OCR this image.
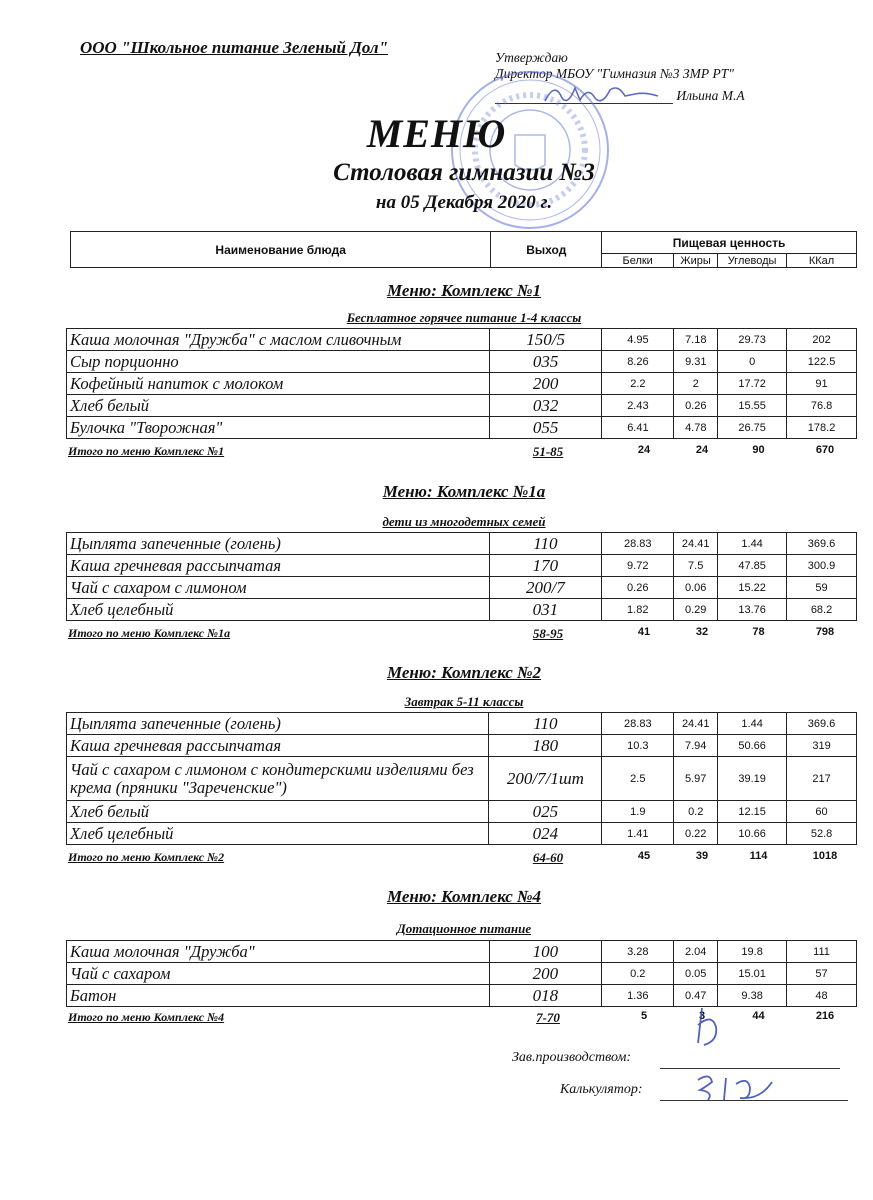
ООО "Школьное питание Зеленый Дол"
Утверждаю
Директор МБОУ "Гимназия №3 ЗМР РТ"
Ильина М.А
МЕНЮ
Столовая гимназии №3
на 05 Декабря 2020 г.
Наименование блюда	Выход	Пищевая ценность			
		Белки	Жиры	Углеводы	ККал
Меню: Комплекс №1
Бесплатное горячее питание 1-4 классы
Каша молочная "Дружба" с маслом сливочным	150/5	4.95	7.18	29.73	202
Сыр порционно	035	8.26	9.31	0	122.5
Кофейный напиток с молоком	200	2.2	2	17.72	91
Хлеб белый	032	2.43	0.26	15.55	76.8
Булочка "Творожная"	055	6.41	4.78	26.75	178.2
Итого по меню Комплекс №1	51-85	24	24	90	670
Меню: Комплекс №1а
дети из многодетных семей
Цыплята запеченные (голень)	110	28.83	24.41	1.44	369.6
Каша гречневая рассыпчатая	170	9.72	7.5	47.85	300.9
Чай с сахаром с лимоном	200/7	0.26	0.06	15.22	59
Хлеб целебный	031	1.82	0.29	13.76	68.2
Итого по меню Комплекс №1а	58-95	41	32	78	798
Меню: Комплекс №2
Завтрак 5-11 классы
Цыплята запеченные (голень)	110	28.83	24.41	1.44	369.6
Каша гречневая рассыпчатая	180	10.3	7.94	50.66	319
Чай с сахаром с лимоном с кондитерскими изделиями без крема (пряники "Зареченские")	200/7/1шт	2.5	5.97	39.19	217
Хлеб белый	025	1.9	0.2	12.15	60
Хлеб целебный	024	1.41	0.22	10.66	52.8
Итого по меню Комплекс №2	64-60	45	39	114	1018
Меню: Комплекс №4
Дотационное питание
Каша молочная "Дружба"	100	3.28	2.04	19.8	111
Чай с сахаром	200	0.2	0.05	15.01	57
Батон	018	1.36	0.47	9.38	48
Итого по меню Комплекс №4	7-70	5	3	44	216
Зав.производством:
Калькулятор:
